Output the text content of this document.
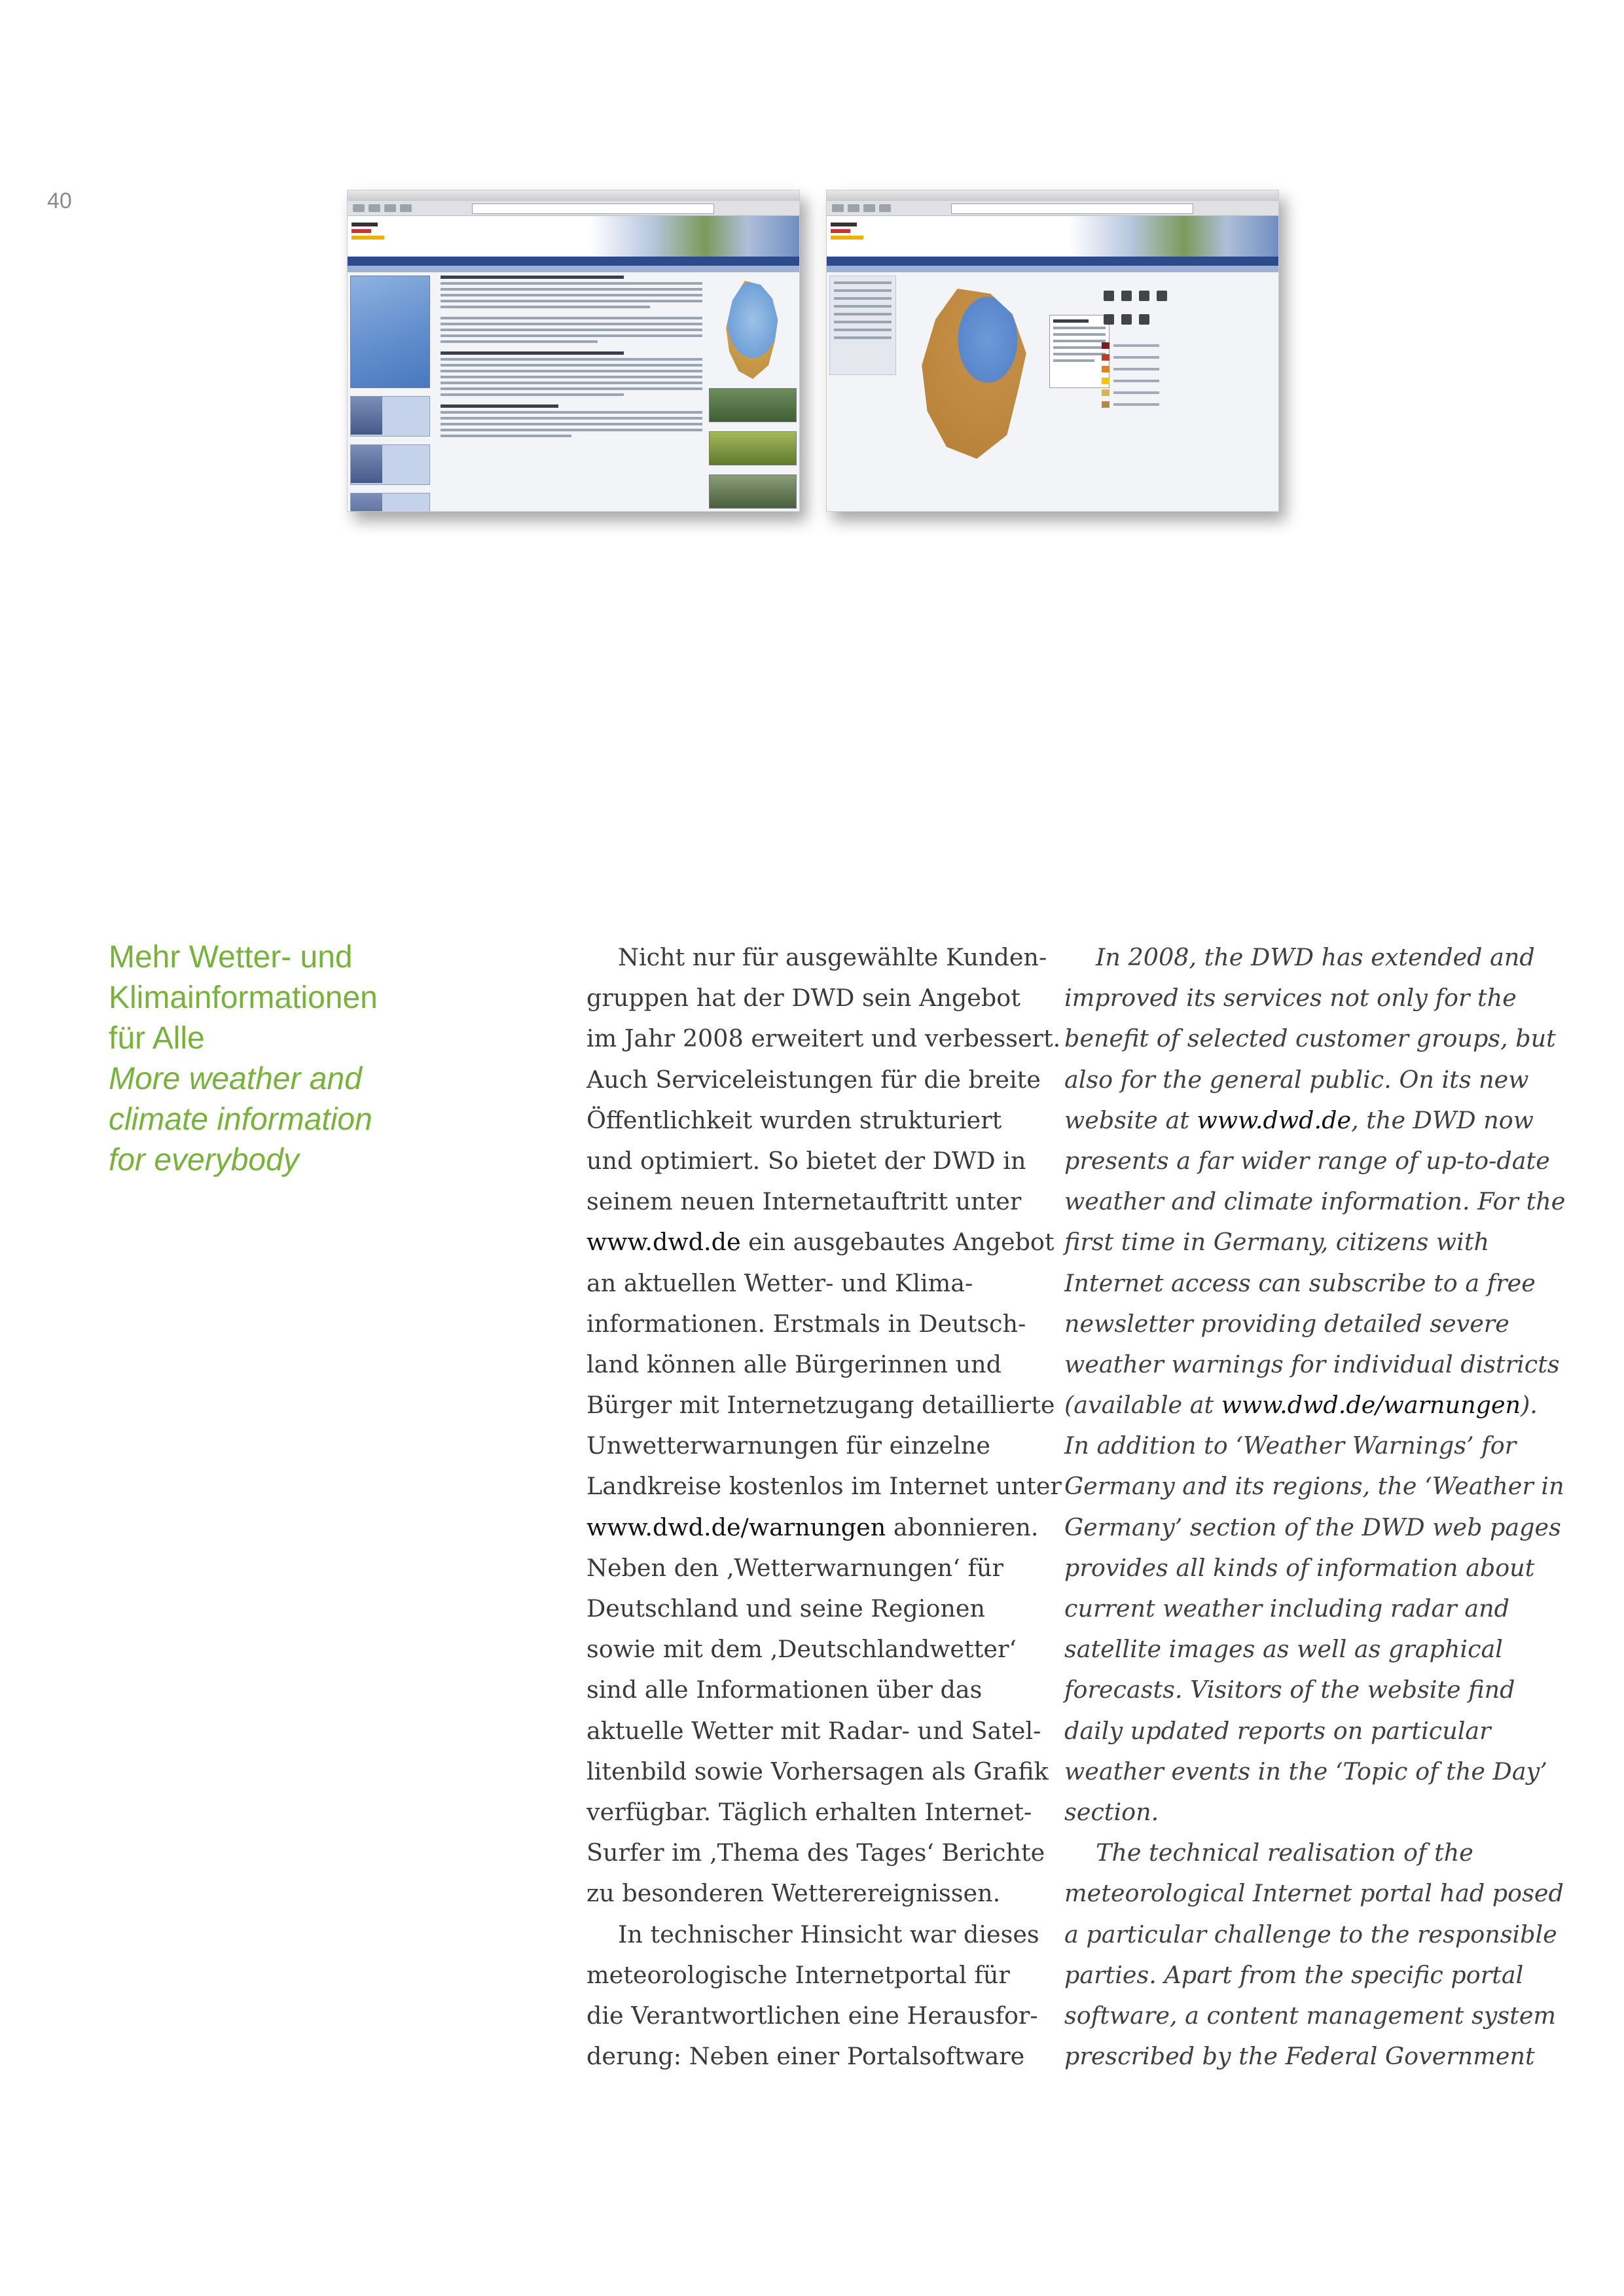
40

Mehr Wetter- und
Klimainformationen
für Alle
More weather and
climate information
for everybody
Nicht nur für ausgewählte Kunden-
gruppen hat der DWD sein Angebot
im Jahr 2008 erweitert und verbessert.
Auch Serviceleistungen für die breite
Öffentlichkeit wurden strukturiert
und optimiert. So bietet der DWD in
seinem neuen Internetauftritt unter
www.dwd.de ein ausgebautes Angebot
an aktuellen Wetter- und Klima-
informationen. Erstmals in Deutsch-
land können alle Bürgerinnen und
Bürger mit Internetzugang detaillierte
Unwetterwarnungen für einzelne
Landkreise kostenlos im Internet unter
www.dwd.de/warnungen abonnieren.
Neben den ‚Wetterwarnungen‘ für
Deutschland und seine Regionen
sowie mit dem ‚Deutschlandwetter‘
sind alle Informationen über das
aktuelle Wetter mit Radar- und Satel-
litenbild sowie Vorhersagen als Grafik
verfügbar. Täglich erhalten Internet-
Surfer im ‚Thema des Tages‘ Berichte
zu besonderen Wetterereignissen.
In technischer Hinsicht war dieses
meteorologische Internetportal für
die Verantwortlichen eine Herausfor-
derung: Neben einer Portalsoftware
In 2008, the DWD has extended and
improved its services not only for the
benefit of selected customer groups, but
also for the general public. On its new
website at www.dwd.de, the DWD now
presents a far wider range of up-to-date
weather and climate information. For the
first time in Germany, citizens with
Internet access can subscribe to a free
newsletter providing detailed severe
weather warnings for individual districts
(available at www.dwd.de/warnungen).
In addition to ‘Weather Warnings’ for
Germany and its regions, the ‘Weather in
Germany’ section of the DWD web pages
provides all kinds of information about
current weather including radar and
satellite images as well as graphical
forecasts. Visitors of the website find
daily updated reports on particular
weather events in the ‘Topic of the Day’
section.
The technical realisation of the
meteorological Internet portal had posed
a particular challenge to the responsible
parties. Apart from the specific portal
software, a content management system
prescribed by the Federal Government
